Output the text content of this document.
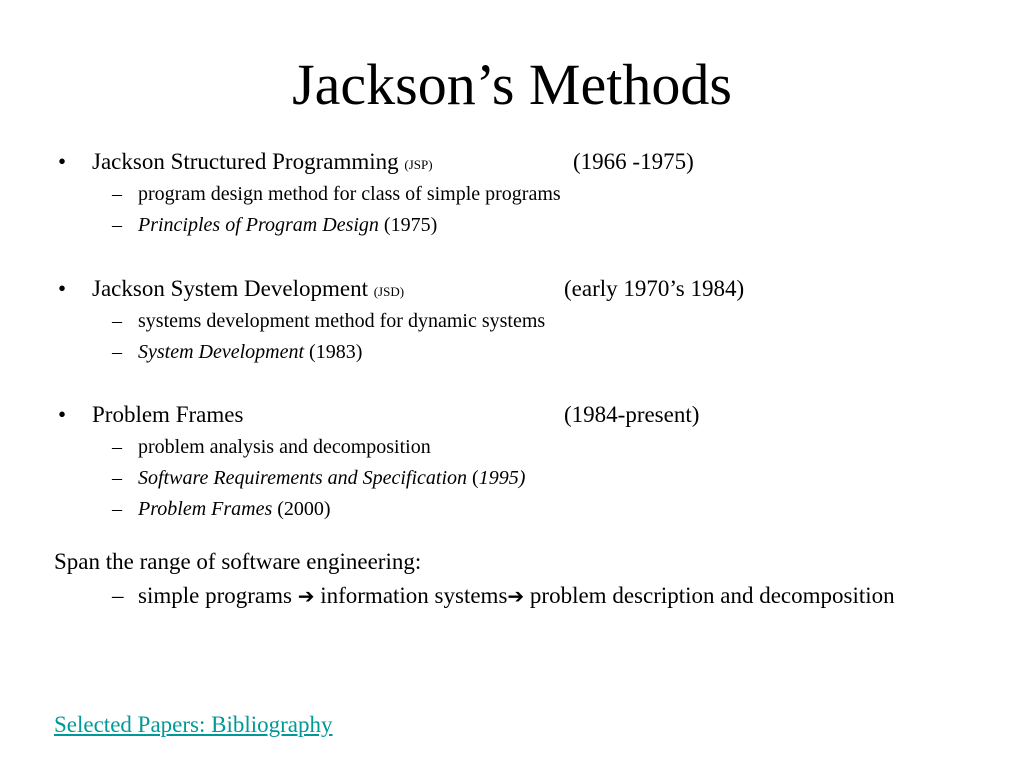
Jackson’s Methods
• Jackson Structured Programming (JSP)	(1966 -1975)
– program design method for class of simple programs
– Principles of Program Design (1975)
• Jackson System Development (JSD)	(early 1970’s 1984)
– systems development method for dynamic systems
– System Development (1983)
• Problem Frames	(1984-present)
– problem analysis and decomposition
– Software Requirements and Specification (1995)
– Problem Frames (2000)
Span the range of software engineering:
– simple programs ➔ information systems➔ problem description and decomposition
Selected Papers: Bibliography
